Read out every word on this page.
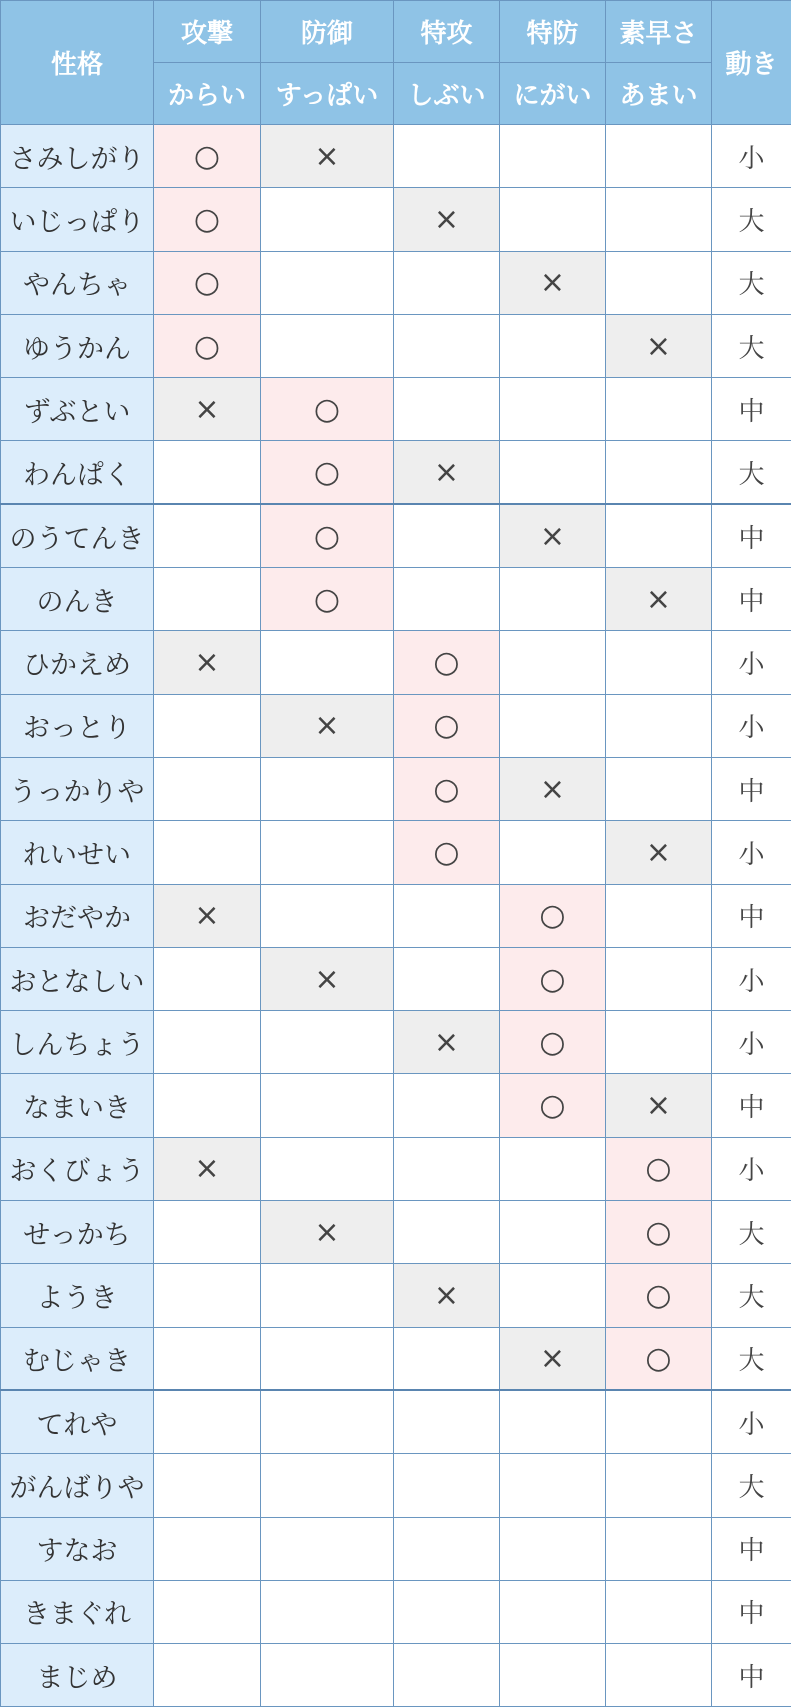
性格	攻撃	防御	特攻	特防	素早さ	動き
	からい	すっぱい	しぶい	にがい	あまい	
さみしがり	○	×				小
いじっぱり	○		×			大
やんちゃ	○			×		大
ゆうかん	○				×	大
ずぶとい	×	○				中
わんぱく		○	×			大
のうてんき		○		×		中
のんき		○			×	中
ひかえめ	×		○			小
おっとり		×	○			小
うっかりや			○	×		中
れいせい			○		×	小
おだやか	×			○		中
おとなしい		×		○		小
しんちょう			×	○		小
なまいき				○	×	中
おくびょう	×				○	小
せっかち		×			○	大
ようき			×		○	大
むじゃき				×	○	大
てれや						小
がんばりや						大
すなお						中
きまぐれ						中
まじめ						中
